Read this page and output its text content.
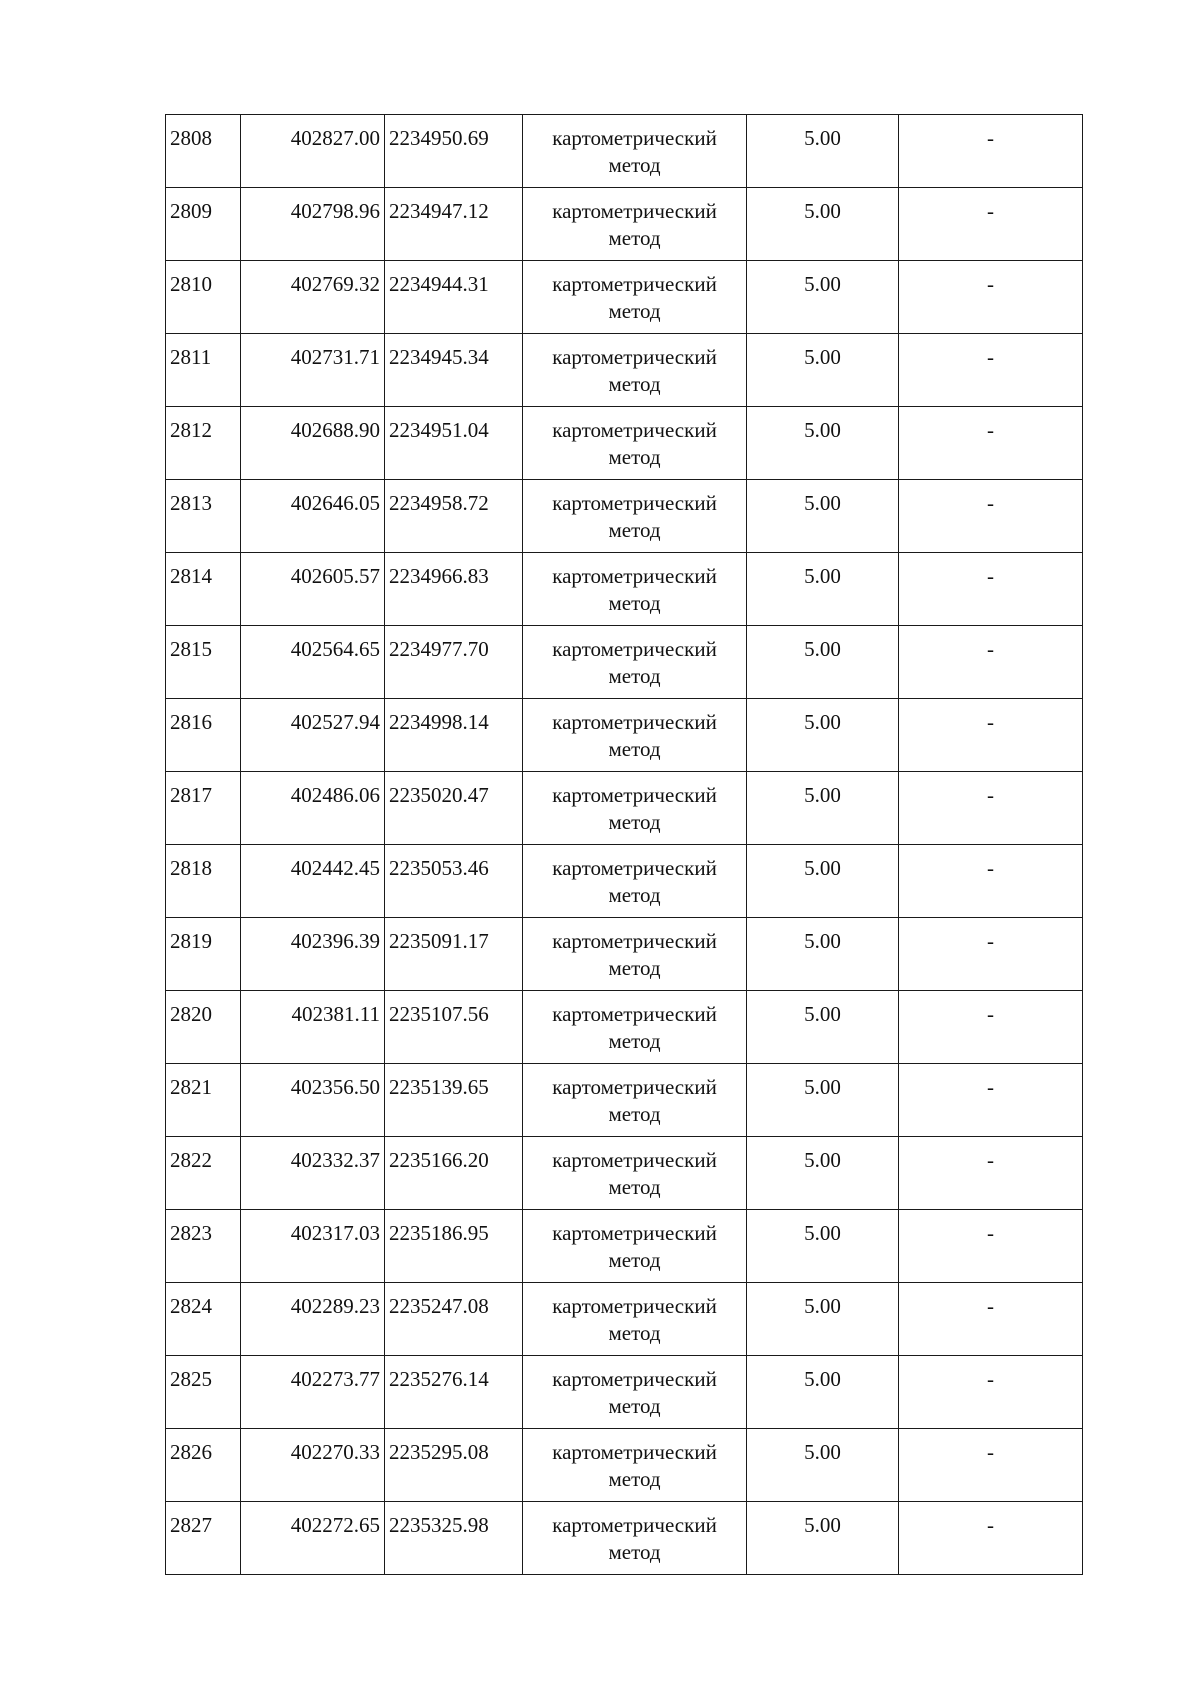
2808	402827.00	2234950.69	картометрический метод	5.00	-
2809	402798.96	2234947.12	картометрический метод	5.00	-
2810	402769.32	2234944.31	картометрический метод	5.00	-
2811	402731.71	2234945.34	картометрический метод	5.00	-
2812	402688.90	2234951.04	картометрический метод	5.00	-
2813	402646.05	2234958.72	картометрический метод	5.00	-
2814	402605.57	2234966.83	картометрический метод	5.00	-
2815	402564.65	2234977.70	картометрический метод	5.00	-
2816	402527.94	2234998.14	картометрический метод	5.00	-
2817	402486.06	2235020.47	картометрический метод	5.00	-
2818	402442.45	2235053.46	картометрический метод	5.00	-
2819	402396.39	2235091.17	картометрический метод	5.00	-
2820	402381.11	2235107.56	картометрический метод	5.00	-
2821	402356.50	2235139.65	картометрический метод	5.00	-
2822	402332.37	2235166.20	картометрический метод	5.00	-
2823	402317.03	2235186.95	картометрический метод	5.00	-
2824	402289.23	2235247.08	картометрический метод	5.00	-
2825	402273.77	2235276.14	картометрический метод	5.00	-
2826	402270.33	2235295.08	картометрический метод	5.00	-
2827	402272.65	2235325.98	картометрический метод	5.00	-
